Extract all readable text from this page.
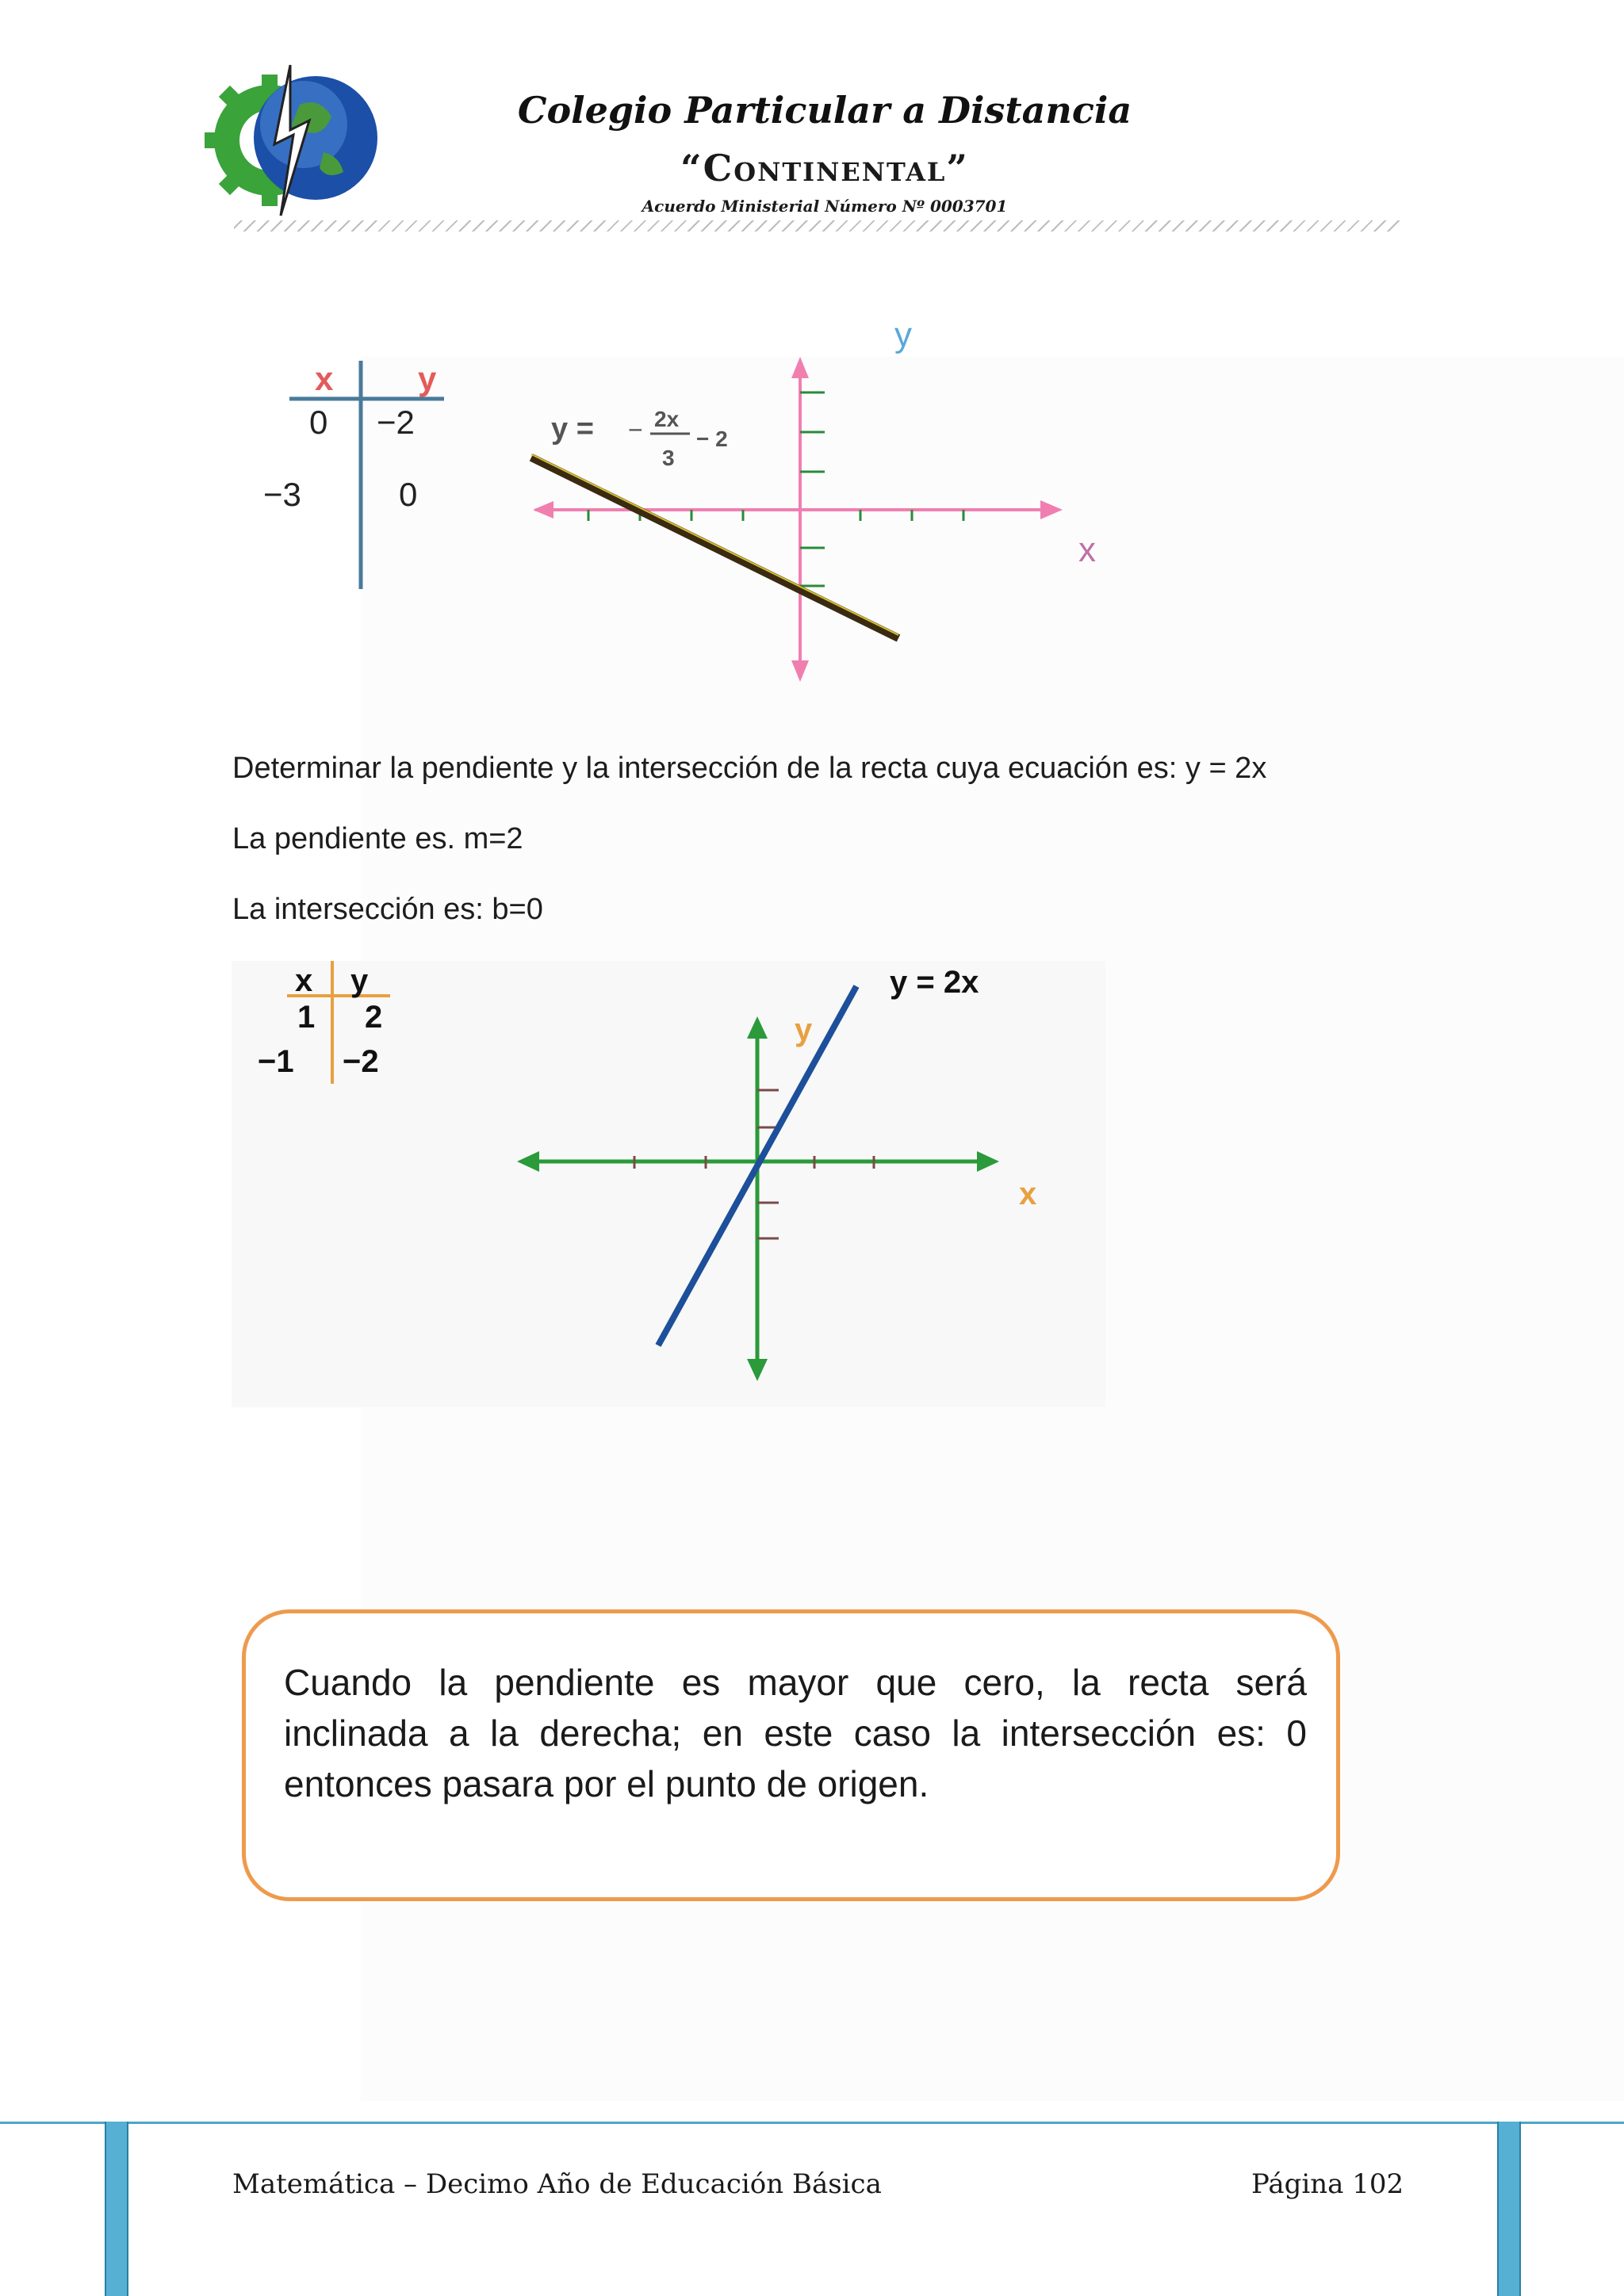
Colegio Particular a Distancia
“Continental”
Acuerdo Ministerial Número Nº 0003701
x	y
0 −2
−3	0
y
x
y = − 2x
3
− 2
Determinar la pendiente y la intersección de la recta cuya ecuación es: y = 2x
La pendiente es. m=2
La intersección es: b=0
x y
1 2
−1 −2
y = 2x
y
x
Cuando la pendiente es mayor que cero, la recta será inclinada a la derecha; en este caso la intersección es: 0 entonces pasara por el punto de origen.
Matemática – Decimo Año de Educación Básica	Página 102
